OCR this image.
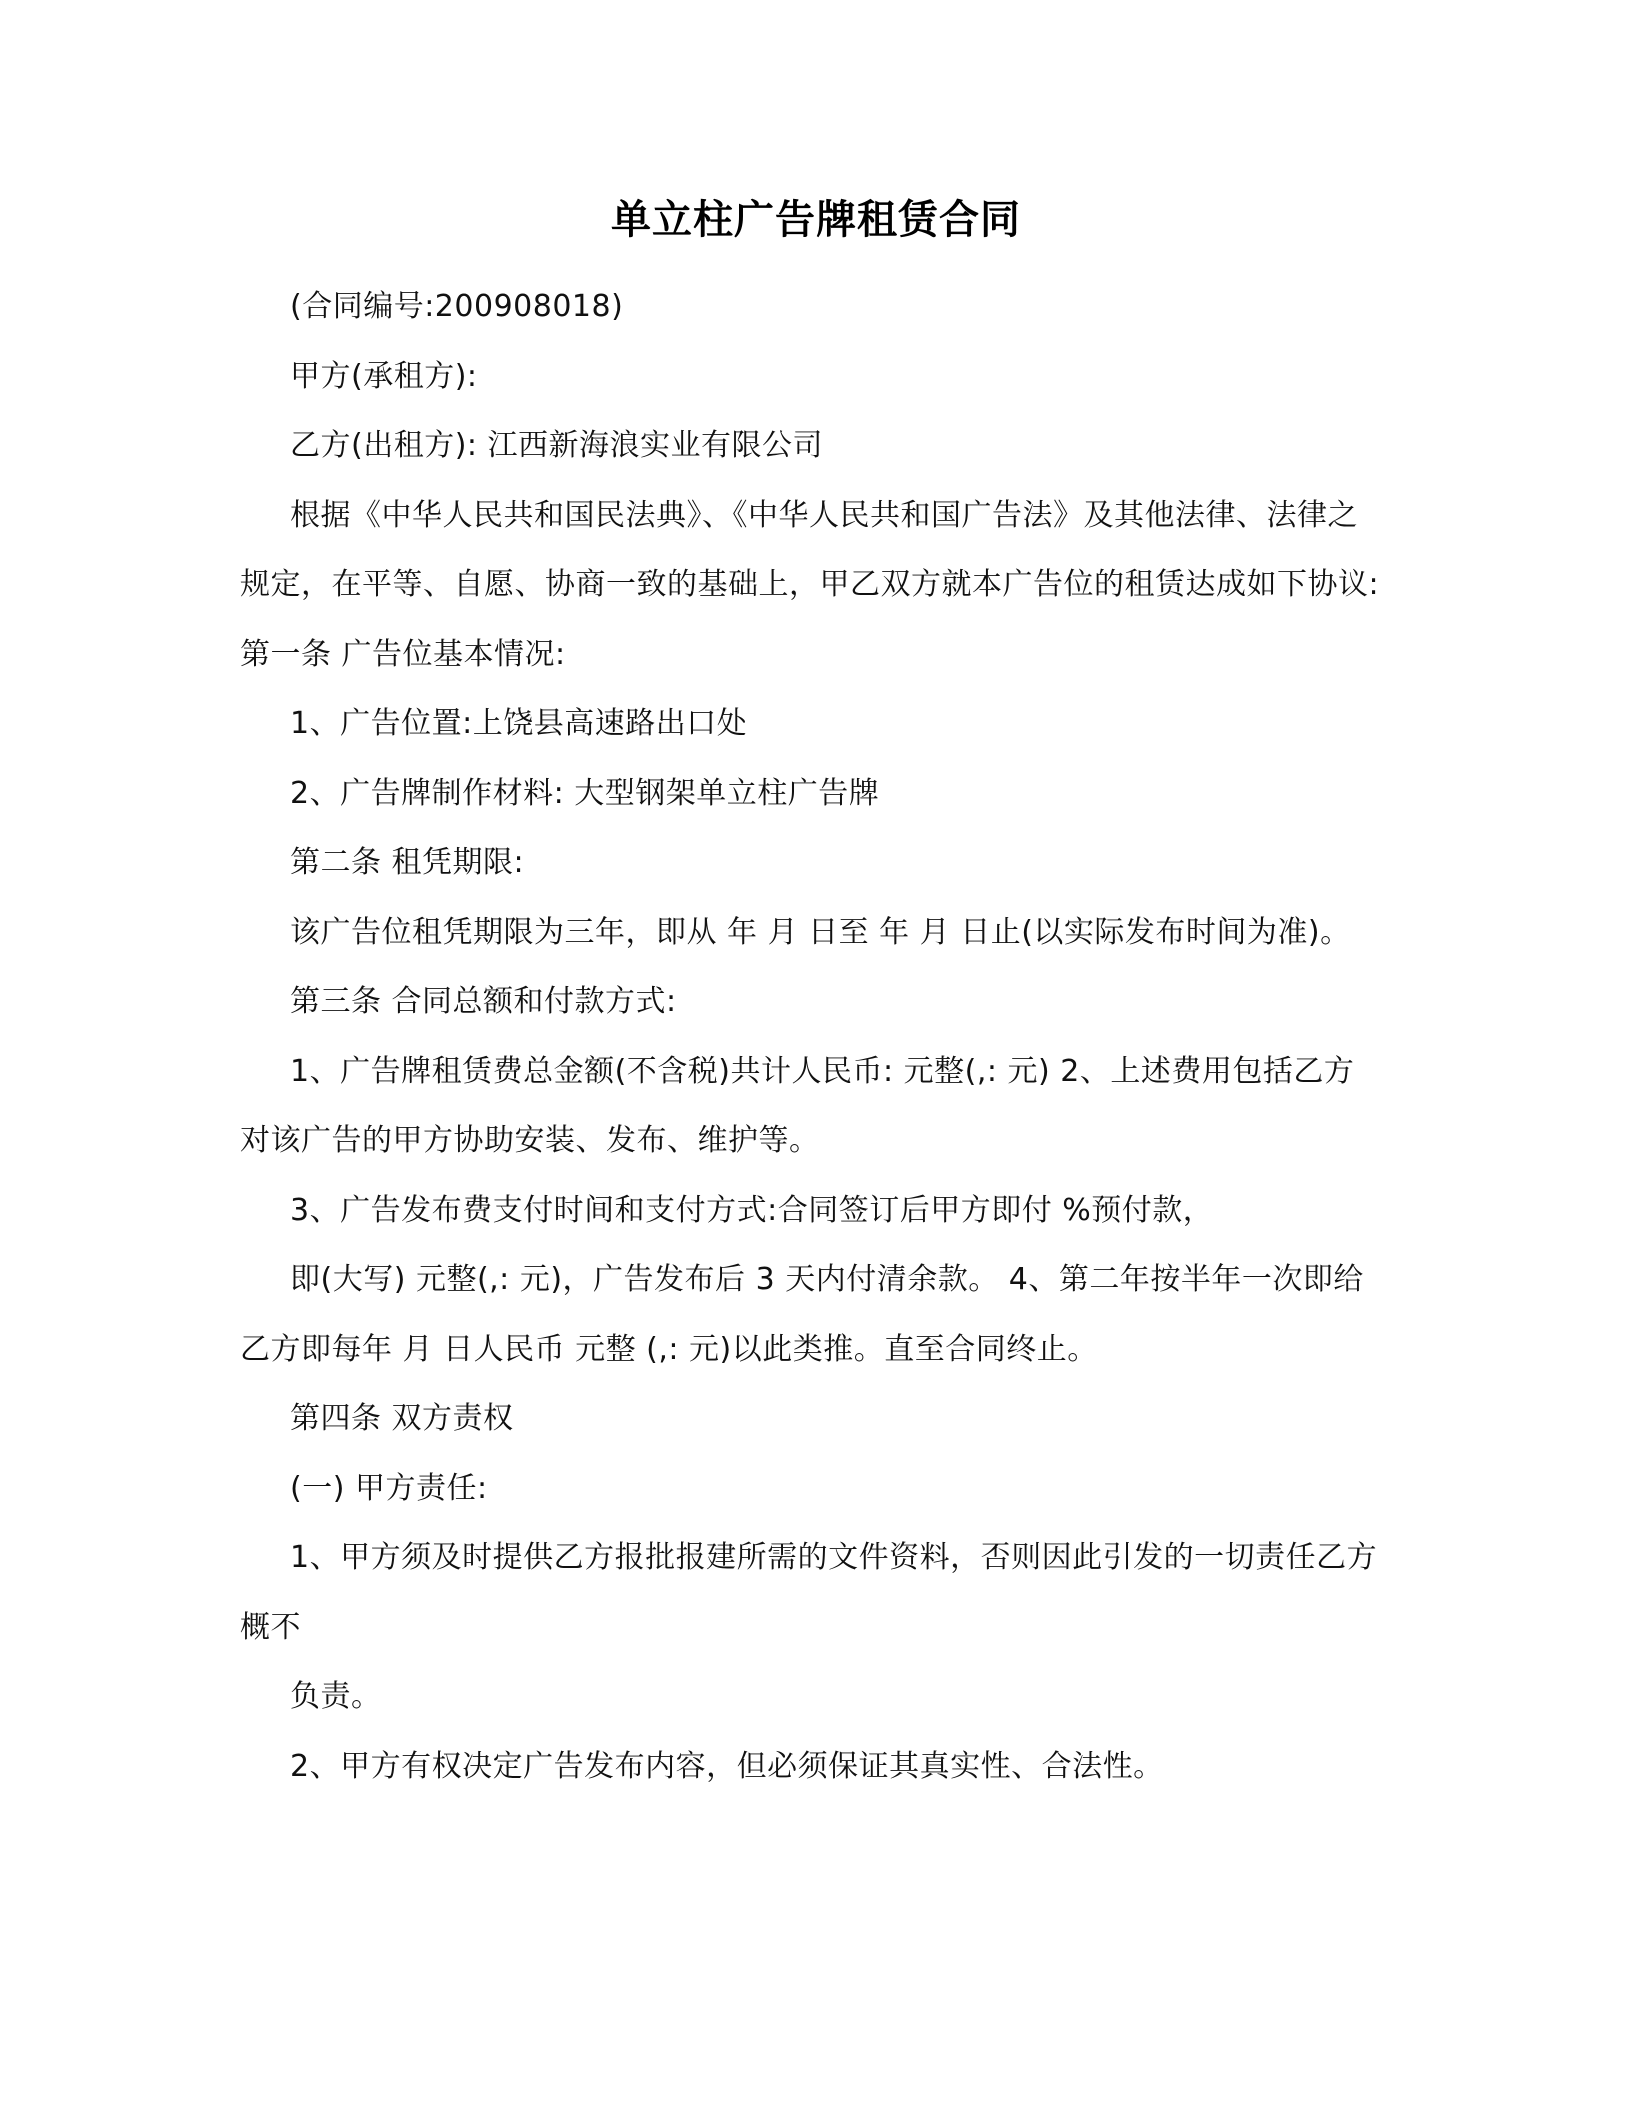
单立柱广告牌租赁合同

(合同编号:200908018)

甲方(承租方):

乙方(出租方): 江西新海浪实业有限公司

根据《中华人民共和国民法典》、《中华人民共和国广告法》及其他法律、法律之规定，在平等、自愿、协商一致的基础上，甲乙双方就本广告位的租赁达成如下协议: 第一条 广告位基本情况:

1、广告位置:上饶县高速路出口处

2、广告牌制作材料: 大型钢架单立柱广告牌

第二条 租凭期限:

该广告位租凭期限为三年，即从 年 月 日至 年 月 日止(以实际发布时间为准)。

第三条 合同总额和付款方式:

1、广告牌租赁费总金额(不含税)共计人民币: 元整(,: 元) 2、上述费用包括乙方对该广告的甲方协助安装、发布、维护等。

3、广告发布费支付时间和支付方式:合同签订后甲方即付 %预付款，

即(大写) 元整(,: 元)，广告发布后 3 天内付清余款。 4、第二年按半年一次即给乙方即每年 月 日人民币 元整 (,: 元)以此类推。直至合同终止。

第四条 双方责权

(一) 甲方责任:

1、甲方须及时提供乙方报批报建所需的文件资料，否则因此引发的一切责任乙方概不

负责。

2、甲方有权决定广告发布内容，但必须保证其真实性、合法性。
